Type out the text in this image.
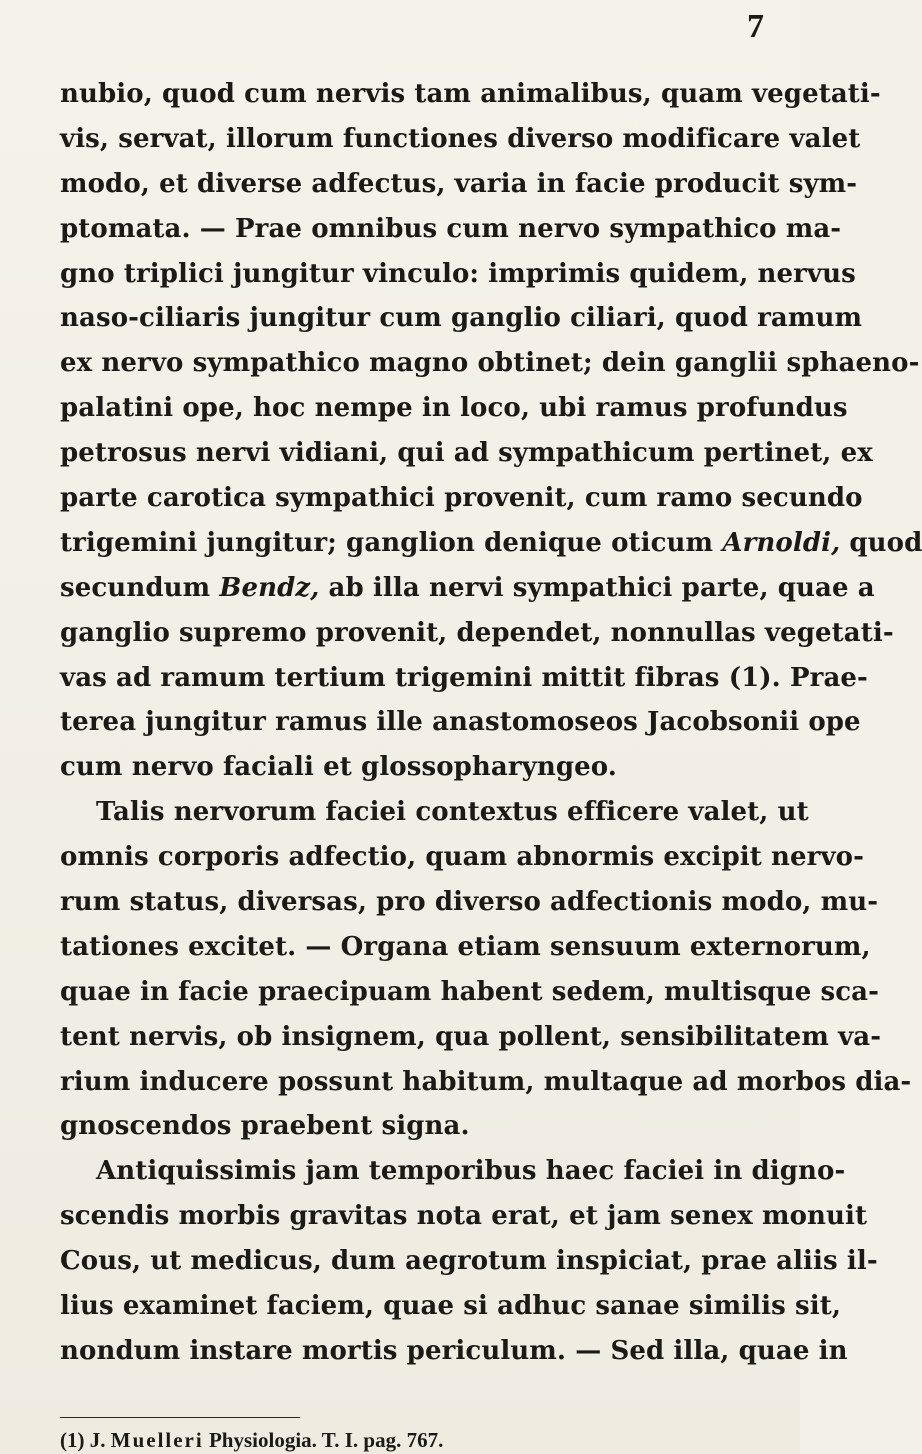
7
nubio, quod cum nervis tam animalibus, quam vegetati-
vis, servat, illorum functiones diverso modificare valet
modo, et diverse adfectus, varia in facie producit sym-
ptomata. — Prae omnibus cum nervo sympathico ma-
gno triplici jungitur vinculo: imprimis quidem, nervus
naso-ciliaris jungitur cum ganglio ciliari, quod ramum
ex nervo sympathico magno obtinet; dein ganglii sphaeno-
palatini ope, hoc nempe in loco, ubi ramus profundus
petrosus nervi vidiani, qui ad sympathicum pertinet, ex
parte carotica sympathici provenit, cum ramo secundo
trigemini jungitur; ganglion denique oticum Arnoldi, quod
secundum Bendz, ab illa nervi sympathici parte, quae a
ganglio supremo provenit, dependet, nonnullas vegetati-
vas ad ramum tertium trigemini mittit fibras (1). Prae-
terea jungitur ramus ille anastomoseos Jacobsonii ope
cum nervo faciali et glossopharyngeo.
Talis nervorum faciei contextus efficere valet, ut
omnis corporis adfectio, quam abnormis excipit nervo-
rum status, diversas, pro diverso adfectionis modo, mu-
tationes excitet. — Organa etiam sensuum externorum,
quae in facie praecipuam habent sedem, multisque sca-
tent nervis, ob insignem, qua pollent, sensibilitatem va-
rium inducere possunt habitum, multaque ad morbos dia-
gnoscendos praebent signa.
Antiquissimis jam temporibus haec faciei in digno-
scendis morbis gravitas nota erat, et jam senex monuit
Cous, ut medicus, dum aegrotum inspiciat, prae aliis il-
lius examinet faciem, quae si adhuc sanae similis sit,
nondum instare mortis periculum. — Sed illa, quae in
(1) J. Muelleri Physiologia. T. I. pag. 767.
